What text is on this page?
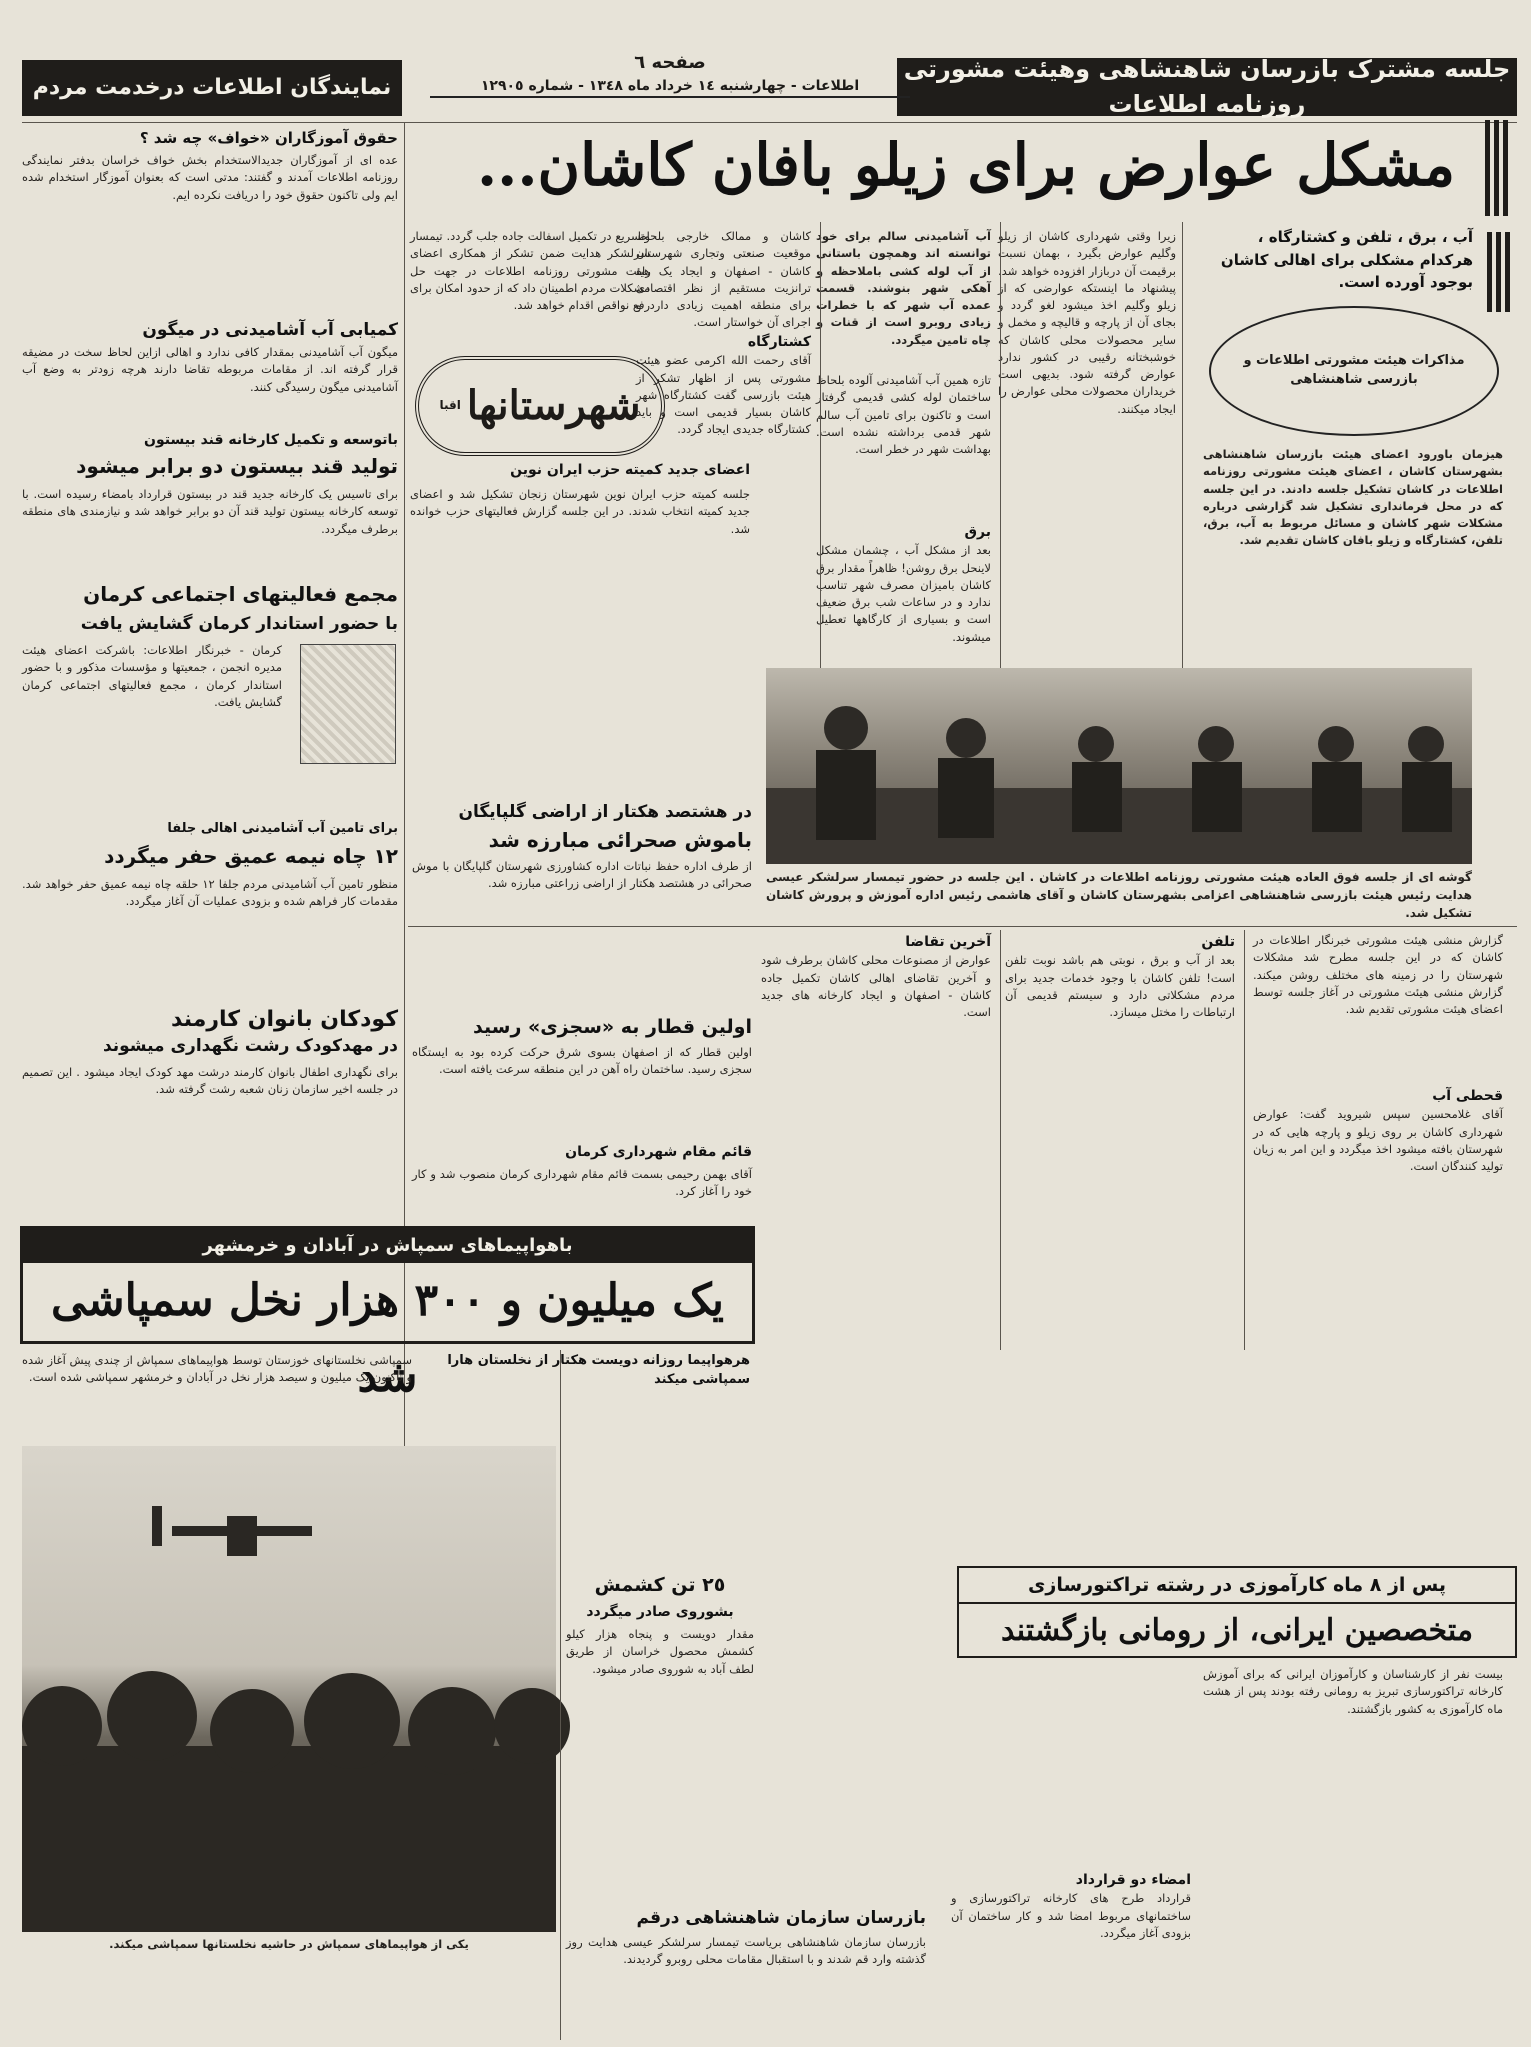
جلسه مشترک بازرسان شاهنشاهی وهیئت مشورتی روزنامه اطلاعات
صفحه ٦
اطلاعات - چهارشنبه ١٤ خرداد ماه ١٣٤٨ - شماره ١٢٩٠٥
نمایندگان اطلاعات درخدمت مردم
مشکل عوارض برای زیلو بافان کاشان...
آب ، برق ، تلفن و کشتارگاه ، هرکدام مشکلی برای اهالی کاشان بوجود آورده است.
مذاکرات هیئت مشورتی اطلاعات و بازرسی شاهنشاهی
هیزمان باورود اعضای هیئت بازرسان شاهنشاهی بشهرستان کاشان ، اعضای هیئت مشورتی روزنامه اطلاعات در کاشان تشکیل جلسه دادند. در این جلسه که در محل فرمانداری تشکیل شد گزارشی درباره مشکلات شهر کاشان و مسائل مربوط به آب، برق، تلفن، کشتارگاه و زیلو بافان کاشان تقدیم شد.
زیرا وقتی شهرداری کاشان از زیلو وگلیم عوارض بگیرد ، بهمان نسبت برقیمت آن دربازار افزوده خواهد شد. پیشنهاد ما اینستکه عوارضی که از زیلو وگلیم اخذ میشود لغو گردد و بجای آن از پارچه و قالیچه و مخمل و سایر محصولات محلی کاشان که خوشبختانه رقیبی در کشور ندارد عوارض گرفته شود. بدیهی است خریداران محصولات محلی عوارض را ایجاد میکنند.
آب آشامیدنی سالم برای خود توانسته اند وهمچون باستانی از آب لوله کشی باملاحظه و آهکی شهر بنوشند. قسمت عمده آب شهر که با خطرات زیادی روبرو است از قنات و چاه تامین میگردد.
تازه همین آب آشامیدنی آلوده بلحاظ ساختمان لوله کشی قدیمی گرفتار است و تاکنون برای تامین آب سالم شهر قدمی برداشته نشده است. بهداشت شهر در خطر است.
برق
بعد از مشکل آب ، چشمان مشکل لاینحل برق روشن! ظاهراً مقدار برق کاشان بامیزان مصرف شهر تناسب ندارد و در ساعات شب برق ضعیف است و بسیاری از کارگاهها تعطیل میشوند.
کاشان و ممالک خارجی بلحاظ موقعیت صنعتی وتجاری شهرستان کاشان - اصفهان و ایجاد یک راه ترانزیت مستقیم از نظر اقتصادی برای منطقه اهمیت زیادی دارد و اجرای آن خواستار است.
کشتارگاه
آقای رحمت الله اکرمی عضو هیئت مشورتی پس از اظهار تشکر از هیئت بازرسی گفت کشتارگاه شهر کاشان بسیار قدیمی است و باید کشتارگاه جدیدی ایجاد گردد.
وتسریع در تکمیل اسفالت جاده جلب گردد. تیمسار سرلشکر هدایت ضمن تشکر از همکاری اعضای هیئت مشورتی روزنامه اطلاعات در جهت حل مشکلات مردم اطمینان داد که از حدود امکان برای رفع نواقص اقدام خواهد شد.
شهرستانها
اقبا
اعضای جدید کمیته حزب ایران نوین
جلسه کمیته حزب ایران نوین شهرستان زنجان تشکیل شد و اعضای جدید کمیته انتخاب شدند. در این جلسه گزارش فعالیتهای حزب خوانده شد.
گوشه ای از جلسه فوق العاده هیئت مشورتی روزنامه اطلاعات در کاشان . این جلسه در حضور تیمسار سرلشکر عیسی هدایت رئیس هیئت بازرسی شاهنشاهی اعزامی بشهرستان کاشان و آقای هاشمی رئیس اداره آموزش و پرورش کاشان تشکیل شد.
گزارش منشی هیئت مشورتی خبرنگار اطلاعات در کاشان که در این جلسه مطرح شد مشکلات شهرستان را در زمینه های مختلف روشن میکند. گزارش منشی هیئت مشورتی در آغاز جلسه توسط اعضای هیئت مشورتی تقدیم شد.
قحطی آب
آقای غلامحسین سپس شیروید گفت: عوارض شهرداری کاشان بر روی زیلو و پارچه هایی که در شهرستان بافته میشود اخذ میگردد و این امر به زیان تولید کنندگان است.
تلفن
بعد از آب و برق ، نوبتی هم باشد نوبت تلفن است! تلفن کاشان با وجود خدمات جدید برای مردم مشکلاتی دارد و سیستم قدیمی آن ارتباطات را مختل میسازد.
آخرین تقاضا
عوارض از مصنوعات محلی کاشان برطرف شود و آخرین تقاضای اهالی کاشان تکمیل جاده کاشان - اصفهان و ایجاد کارخانه های جدید است.
در هشتصد هکتار از اراضی گلپایگان
باموش صحرائی مبارزه شد
از طرف اداره حفظ نباتات اداره کشاورزی شهرستان گلپایگان با موش صحرائی در هشتصد هکتار از اراضی زراعتی مبارزه شد.
اولین قطار به «سجزی» رسید
اولین قطار که از اصفهان بسوی شرق حرکت کرده بود به ایستگاه سجزی رسید. ساختمان راه آهن در این منطقه سرعت یافته است.
قائم مقام شهرداری کرمان
آقای بهمن رحیمی بسمت قائم مقام شهرداری کرمان منصوب شد و کار خود را آغاز کرد.
حقوق آموزگاران «خواف» چه شد ؟
عده ای از آموزگاران جدیدالاستخدام بخش خواف خراسان بدفتر نمایندگی روزنامه اطلاعات آمدند و گفتند: مدتی است که بعنوان آموزگار استخدام شده ایم ولی تاکنون حقوق خود را دریافت نکرده ایم.
کمیابی آب آشامیدنی در میگون
میگون آب آشامیدنی بمقدار کافی ندارد و اهالی ازاین لحاظ سخت در مضیقه قرار گرفته اند. از مقامات مربوطه تقاضا دارند هرچه زودتر به وضع آب آشامیدنی میگون رسیدگی کنند.
باتوسعه و تکمیل کارخانه قند بیستون
تولید قند بیستون دو برابر میشود
برای تاسیس یک کارخانه جدید قند در بیستون قرارداد بامضاء رسیده است. با توسعه کارخانه بیستون تولید قند آن دو برابر خواهد شد و نیازمندی های منطقه برطرف میگردد.
مجمع فعالیتهای اجتماعی کرمان
با حضور استاندار کرمان گشایش یافت
کرمان - خبرنگار اطلاعات: باشرکت اعضای هیئت مدیره انجمن ، جمعیتها و مؤسسات مذکور و با حضور استاندار کرمان ، مجمع فعالیتهای اجتماعی کرمان گشایش یافت.
برای تامین آب آشامیدنی اهالی جلفا
١٢ چاه نیمه عمیق حفر میگردد
منظور تامین آب آشامیدنی مردم جلفا ١٢ حلقه چاه نیمه عمیق حفر خواهد شد. مقدمات کار فراهم شده و بزودی عملیات آن آغاز میگردد.
کودکان بانوان کارمند
در مهدکودک رشت نگهداری میشوند
برای نگهداری اطفال بانوان کارمند درشت مهد کودک ایجاد میشود . این تصمیم در جلسه اخیر سازمان زنان شعبه رشت گرفته شد.
باهواپیماهای سمپاش در آبادان و خرمشهر
یک میلیون و ٣٠٠ هزار نخل سمپاشی شد	هرهواپیما روزانه دویست هکتار از نخلستان هارا سمپاشی میکند
سمپاشی نخلستانهای خوزستان توسط هواپیماهای سمپاش از چندی پیش آغاز شده و تاکنون یک میلیون و سیصد هزار نخل در آبادان و خرمشهر سمپاشی شده است.
یکی از هواپیماهای سمپاش در حاشیه نخلستانها سمپاشی میکند.
٢٥ تن کشمش
بشوروی صادر میگردد
مقدار دویست و پنجاه هزار کیلو کشمش محصول خراسان از طریق لطف آباد به شوروی صادر میشود.
بازرسان سازمان شاهنشاهی درقم
بازرسان سازمان شاهنشاهی بریاست تیمسار سرلشکر عیسی هدایت روز گذشته وارد قم شدند و با استقبال مقامات محلی روبرو گردیدند.
پس از ٨ ماه کارآموزی در رشته تراکتورسازی
متخصصین ایرانی، از رومانی بازگشتند
بیست نفر از کارشناسان و کارآموزان ایرانی که برای آموزش کارخانه تراکتورسازی تبریز به رومانی رفته بودند پس از هشت ماه کارآموزی به کشور بازگشتند.
امضاء دو قرارداد
قرارداد طرح های کارخانه تراکتورسازی و ساختمانهای مربوط امضا شد و کار ساختمان آن بزودی آغاز میگردد.
